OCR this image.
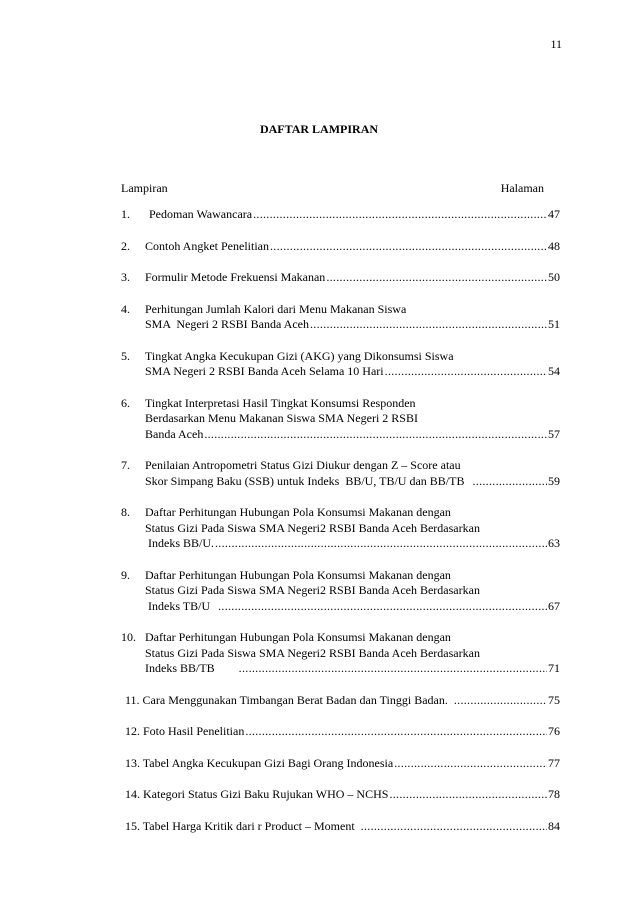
11
DAFTAR LAMPIRAN
Lampiran	Halaman
1.	Pedoman Wawancara .....	47
2.	Contoh Angket Penelitian .....	48
3.	Formulir Metode Frekuensi Makanan .....	50
4.	Perhitungan Jumlah Kalori dari Menu Makanan Siswa
SMA  Negeri 2 RSBI Banda Aceh .....	51
5.	Tingkat Angka Kecukupan Gizi (AKG) yang Dikonsumsi Siswa
SMA Negeri 2 RSBI Banda Aceh Selama 10 Hari .....	54
6.	Tingkat Interpretasi Hasil Tingkat Konsumsi Responden
Berdasarkan Menu Makanan Siswa SMA Negeri 2 RSBI
Banda Aceh .....	57
7.	Penilaian Antropometri Status Gizi Diukur dengan Z – Score atau
Skor Simpang Baku (SSB) untuk Indeks  BB/U, TB/U dan BB/TB .....	59
8.	Daftar Perhitungan Hubungan Pola Konsumsi Makanan dengan
Status Gizi Pada Siswa SMA Negeri2 RSBI Banda Aceh Berdasarkan
Indeks BB/U. .....	63
9.	Daftar Perhitungan Hubungan Pola Konsumsi Makanan dengan
Status Gizi Pada Siswa SMA Negeri2 RSBI Banda Aceh Berdasarkan
Indeks TB/U .....	67
10. Daftar Perhitungan Hubungan Pola Konsumsi Makanan dengan
Status Gizi Pada Siswa SMA Negeri2 RSBI Banda Aceh Berdasarkan
Indeks BB/TB .....	71
11. Cara Menggunakan Timbangan Berat Badan dan Tinggi Badan. .....	75
12. Foto Hasil Penelitian .....	76
13. Tabel Angka Kecukupan Gizi Bagi Orang Indonesia .....	77
14. Kategori Status Gizi Baku Rujukan WHO – NCHS .....	78
15. Tabel Harga Kritik dari r Product – Moment .....	84
